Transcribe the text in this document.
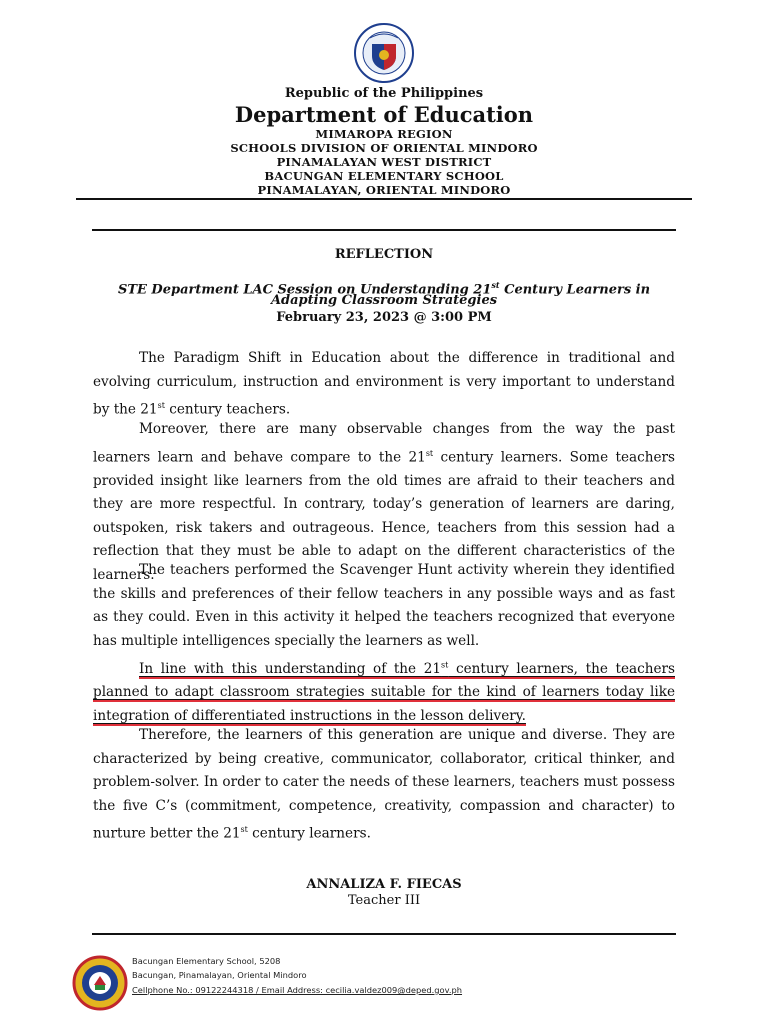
Republic of the Philippines
Department of Education
MIMAROPA REGION
SCHOOLS DIVISION OF ORIENTAL MINDORO
PINAMALAYAN WEST DISTRICT
BACUNGAN ELEMENTARY SCHOOL
PINAMALAYAN, ORIENTAL MINDORO
REFLECTION
STE Department LAC Session on Understanding 21st Century Learners in
Adapting Classroom Strategies
February 23, 2023 @ 3:00 PM

The Paradigm Shift in Education about the difference in traditional and evolving curriculum, instruction and environment is very important to understand by the 21st century teachers.

Moreover, there are many observable changes from the way the past learners learn and behave compare to the 21st century learners. Some teachers provided insight like learners from the old times are afraid to their teachers and they are more respectful. In contrary, today’s generation of learners are daring, outspoken, risk takers and outrageous. Hence, teachers from this session had a reflection that they must be able to adapt on the different characteristics of the learners.

The teachers performed the Scavenger Hunt activity wherein they identified the skills and preferences of their fellow teachers in any possible ways and as fast as they could. Even in this activity it helped the teachers recognized that everyone has multiple intelligences specially the learners as well.

In line with this understanding of the 21st century learners, the teachers planned to adapt classroom strategies suitable for the kind of learners today like integration of differentiated instructions in the lesson delivery.

Therefore, the learners of this generation are unique and diverse. They are characterized by being creative, communicator, collaborator, critical thinker, and problem-solver. In order to cater the needs of these learners, teachers must possess the five C’s (commitment, competence, creativity, compassion and character) to nurture better the 21st century learners.

ANNALIZA F. FIECAS
Teacher III
Bacungan Elementary School, 5208
Bacungan, Pinamalayan, Oriental Mindoro
Cellphone No.: 09122244318 / Email Address: cecilia.valdez009@deped.gov.ph
